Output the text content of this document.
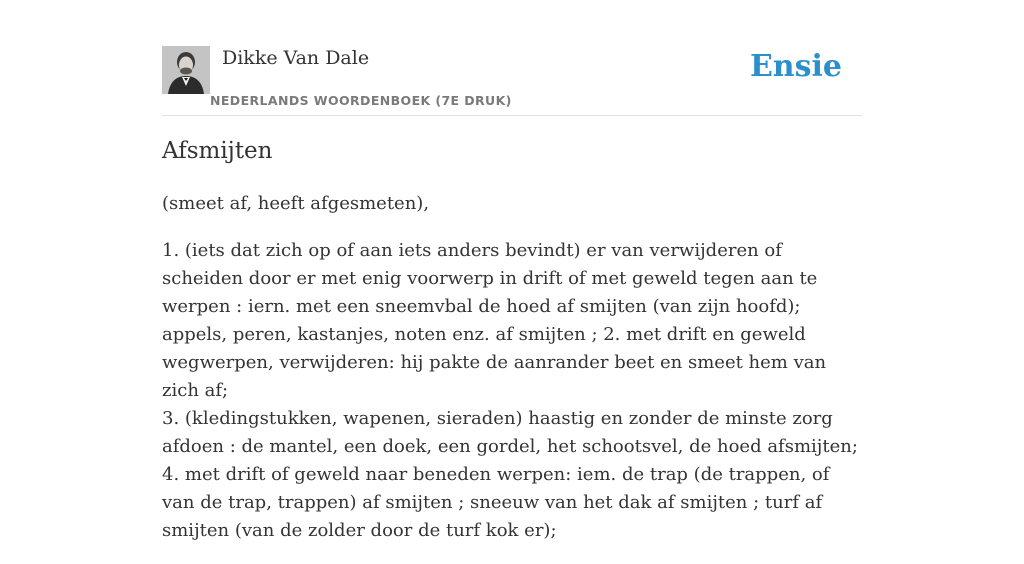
Dikke Van Dale
NEDERLANDS WOORDENBOEK (7E DRUK)
Ensie
Afsmijten

(smeet af, heeft afgesmeten),

1. (iets dat zich op of aan iets anders bevindt) er van verwijderen of scheiden door er met enig voorwerp in drift of met geweld tegen aan te werpen : iern. met een sneemvbal de hoed af smijten (van zijn hoofd); appels, peren, kastanjes, noten enz. af smijten ; 2. met drift en geweld wegwerpen, verwijderen: hij pakte de aanrander beet en smeet hem van zich af;
3. (kledingstukken, wapenen, sieraden) haastig en zonder de minste zorg afdoen : de mantel, een doek, een gordel, het schootsvel, de hoed afsmijten;
4. met drift of geweld naar beneden werpen: iem. de trap (de trappen, of van de trap, trappen) af smijten ; sneeuw van het dak af smijten ; turf af smijten (van de zolder door de turf kok er);
